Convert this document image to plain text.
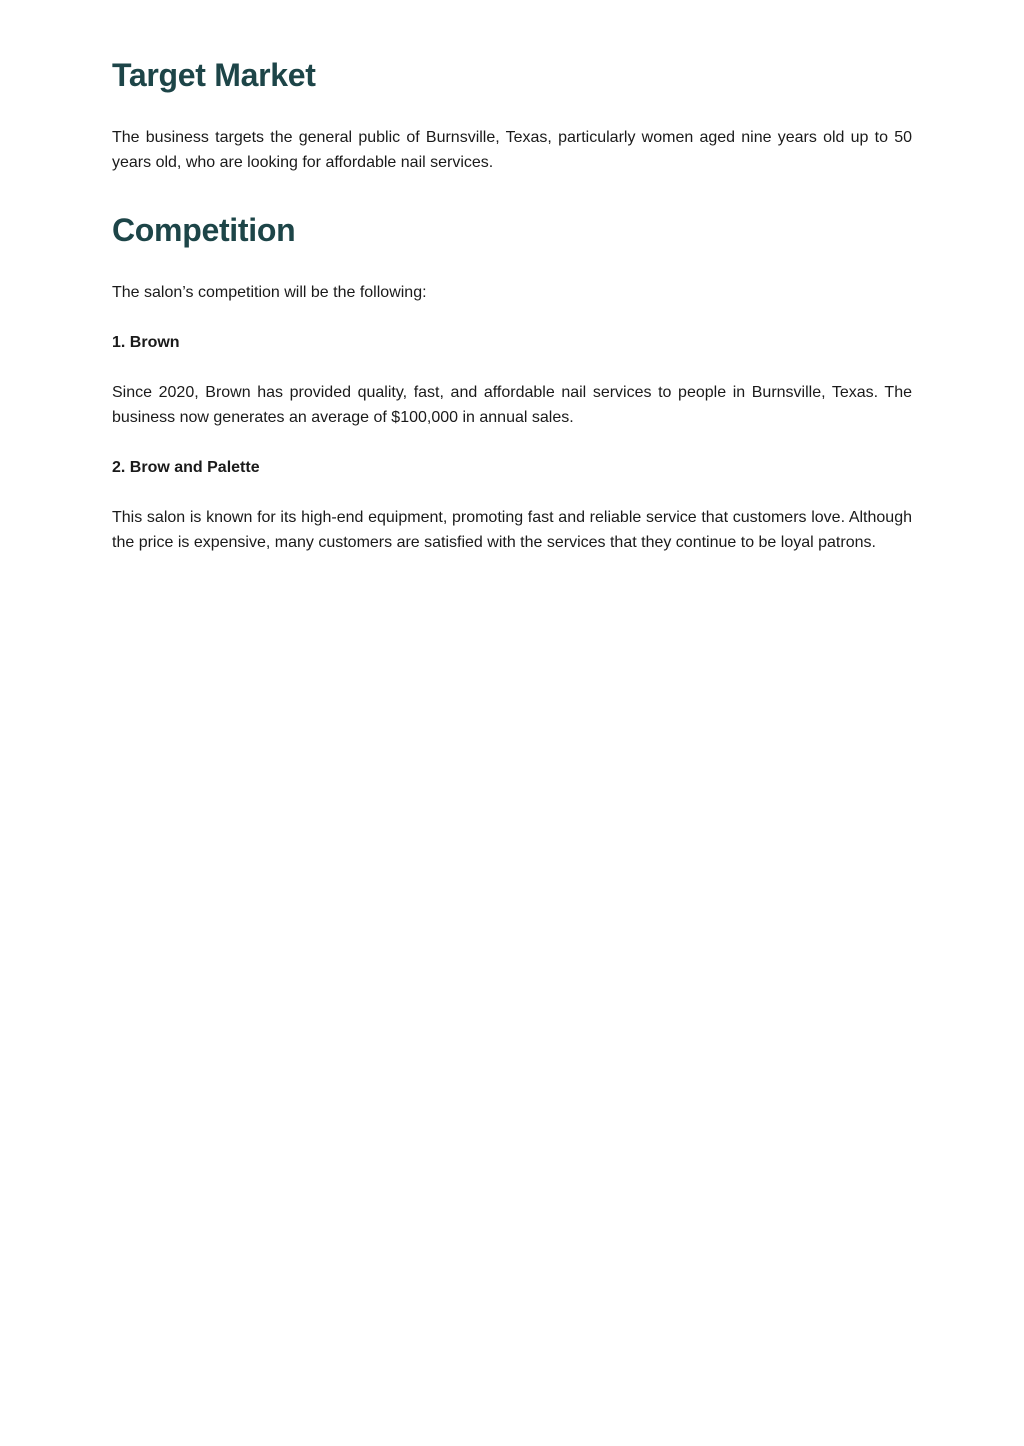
Target Market

The business targets the general public of Burnsville, Texas, particularly women aged nine years old up to 50 years old, who are looking for affordable nail services.

Competition

The salon’s competition will be the following:

1. Brown

Since 2020, Brown has provided quality, fast, and affordable nail services to people in Burnsville, Texas. The business now generates an average of $100,000 in annual sales.

2. Brow and Palette

This salon is known for its high-end equipment, promoting fast and reliable service that customers love. Although the price is expensive, many customers are satisfied with the services that they continue to be loyal patrons.
